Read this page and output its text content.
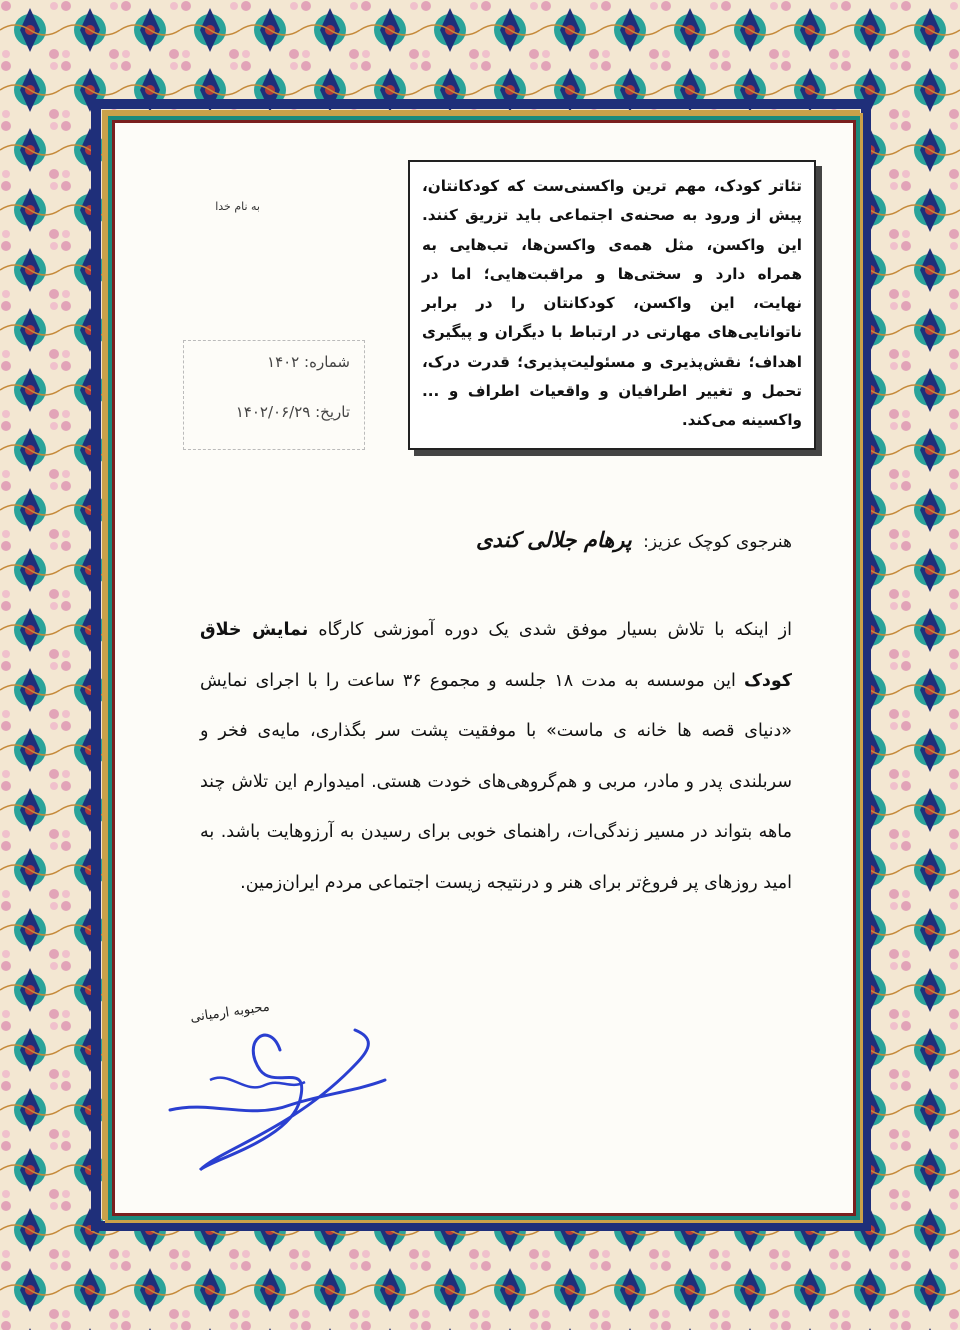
به نام خدا
شماره: ۱۴۰۲
تاریخ: ۱۴۰۲/۰۶/۲۹
تئاتر کودک، مهم ترین واکسنی‌ست که کودکانتان، پیش از ورود به صحنه‌ی اجتماعی باید تزریق کنند. این واکسن، مثل همه‌ی واکسن‌ها، تب‌هایی به همراه دارد و سختی‌ها و مراقبت‌هایی؛ اما در نهایت، این واکسن، کودکانتان را در برابر ناتوانایی‌های مهارتی در ارتباط با دیگران و پیگیری اهداف؛ نقش‌پذیری و مسئولیت‌پذیری؛ قدرت درک، تحمل و تغییر اطرافیان و واقعیات اطراف و ... واکسینه می‌کند.
هنرجوی کوچک عزیز: پرهام جلالی کندی
از اینکه با تلاش بسیار موفق شدی یک دوره آموزشی کارگاه نمایش خلاق کودک این موسسه به مدت ۱۸ جلسه و مجموع ۳۶ ساعت را با اجرای نمایش «دنیای قصه ها خانه ی ماست» با موفقیت پشت سر بگذاری، مایه‌ی فخر و سربلندی پدر و مادر، مربی و هم‌گروهی‌های خودت هستی. امیدوارم این تلاش چند ماهه بتواند در مسیر زندگی‌ات، راهنمای خوبی برای رسیدن به آرزوهایت باشد. به امید روزهای پر فروغ‌تر برای هنر و درنتیجه زیست اجتماعی مردم ایران‌زمین.
محبوبه ارمیانی
